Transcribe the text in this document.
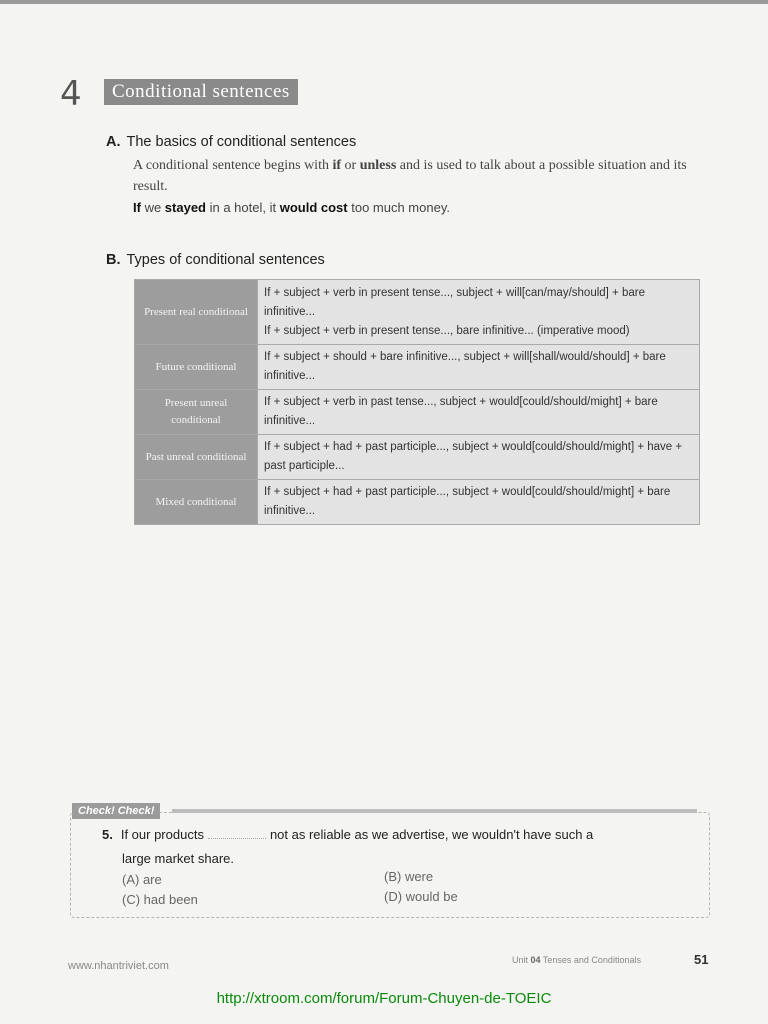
4	Conditional sentences
A. The basics of conditional sentences
A conditional sentence begins with if or unless and is used to talk about a possible situation and its result.
If we stayed in a hotel, it would cost too much money.
B. Types of conditional sentences
Present real conditional	If + subject + verb in present tense..., subject + will[can/may/should] + bare infinitive...
If + subject + verb in present tense..., bare infinitive... (imperative mood)

Future conditional	If + subject + should + bare infinitive..., subject + will[shall/would/should] + bare infinitive...

Present unreal conditional	If + subject + verb in past tense..., subject + would[could/should/might] + bare infinitive...

Past unreal conditional	If + subject + had + past participle..., subject + would[could/should/might] + have + past participle...

Mixed conditional	If + subject + had + past participle..., subject + would[could/should/might] + bare infinitive...
Check! Check!
5. If our products	not as reliable as we advertise, we wouldn't have such a
large market share.
(A) are	(B) were
(C) had been	(D) would be
www.nhantriviet.com	Unit 04 Tenses and Conditionals	51
http://xtroom.com/forum/Forum-Chuyen-de-TOEIC
